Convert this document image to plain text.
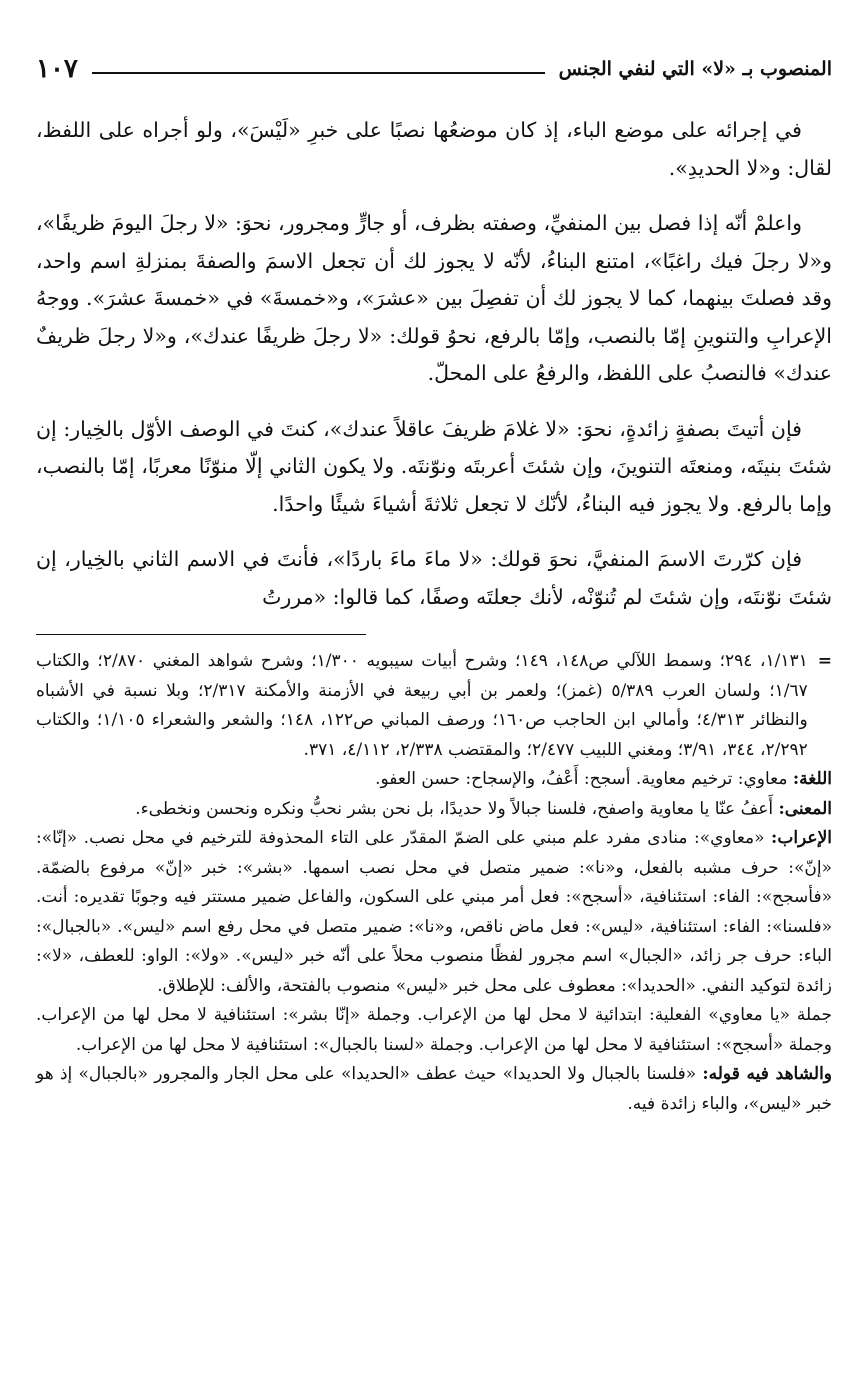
المنصوب بـ «لا» التي لنفي الجنس
١٠٧

في إجرائه على موضع الباء، إذ كان موضعُها نصبًا على خبرِ «لَيْسَ»، ولو أجراه على اللفظ، لقال: و«لا الحديدِ».

واعلمْ أنّه إذا فصل بين المنفيِّ، وصفته بظرف، أو جارٍّ ومجرور، نحوَ: «لا رجلَ اليومَ ظريفًا»، و«لا رجلَ فيك راغبًا»، امتنع البناءُ، لأنّه لا يجوز لك أن تجعل الاسمَ والصفةَ بمنزلةِ اسم واحد، وقد فصلتَ بينهما، كما لا يجوز لك أن تفصِلَ بين «عشرَ»، و«خمسةَ» في «خمسةَ عشرَ». ووجهُ الإعرابِ والتنوينِ إمّا بالنصب، وإمّا بالرفع، نحوُ قولك: «لا رجلَ ظريفًا عندك»، و«لا رجلَ ظريفٌ عندك» فالنصبُ على اللفظ، والرفعُ على المحلّ.

فإن أتيتَ بصفةٍ زائدةٍ، نحوَ: «لا غلامَ ظريفَ عاقلاً عندك»، كنتَ في الوصف الأوّل بالخِيار: إن شئتَ بنيتَه، ومنعتَه التنوينَ، وإن شئتَ أعربتَه ونوّنتَه. ولا يكون الثاني إلّا منوّنًا معربًا، إمّا بالنصب، وإما بالرفع. ولا يجوز فيه البناءُ، لأنّك لا تجعل ثلاثةَ أشياءَ شيئًا واحدًا.

فإن كرّرتَ الاسمَ المنفيَّ، نحوَ قولك: «لا ماءَ ماءَ باردًا»، فأنتَ في الاسم الثاني بالخِيار، إن شئتَ نوّنتَه، وإن شئتَ لم تُنوّنْه، لأنك جعلتَه وصفًا، كما قالوا: «مررتُ

=
١/١٣١، ٢٩٤؛ وسمط اللآلي ص١٤٨، ١٤٩؛ وشرح أبيات سيبويه ١/٣٠٠؛ وشرح شواهد المغني ٢/٨٧٠؛ والكتاب ١/٦٧؛ ولسان العرب ٥/٣٨٩ (غمز)؛ ولعمر بن أبي ربيعة في الأزمنة والأمكنة ٢/٣١٧؛ وبلا نسبة في الأشباه والنظائر ٤/٣١٣؛ وأمالي ابن الحاجب ص١٦٠؛ ورصف المباني ص١٢٢، ١٤٨؛ والشعر والشعراء ١/١٠٥؛ والكتاب ٢/٢٩٢، ٣٤٤، ٣/٩١؛ ومغني اللبيب ٢/٤٧٧؛ والمقتضب ٢/٣٣٨، ٤/١١٢، ٣٧١.

اللغة: معاوي: ترخيم معاوية. أسجح: أَعْفُ، والإسجاح: حسن العفو.

المعنى: أَعفُ عنّا يا معاوية واصفح، فلسنا جبالاً ولا حديدًا، بل نحن بشر نحبُّ ونكره ونحسن ونخطىء.

الإعراب: «معاوي»: منادى مفرد علم مبني على الضمّ المقدّر على التاء المحذوفة للترخيم في محل نصب. «إنّا»: «إنّ»: حرف مشبه بالفعل، و«نا»: ضمير متصل في محل نصب اسمها. «بشر»: خبر «إنّ» مرفوع بالضمّة. «فأسجح»: الفاء: استئنافية، «أسجح»: فعل أمر مبني على السكون، والفاعل ضمير مستتر فيه وجوبًا تقديره: أنت. «فلسنا»: الفاء: استئنافية، «ليس»: فعل ماض ناقص، و«نا»: ضمير متصل في محل رفع اسم «ليس». «بالجبال»: الباء: حرف جر زائد، «الجبال» اسم مجرور لفظًا منصوب محلاً على أنّه خبر «ليس». «ولا»: الواو: للعطف، «لا»: زائدة لتوكيد النفي. «الحديدا»: معطوف على محل خبر «ليس» منصوب بالفتحة، والألف: للإطلاق.

جملة «يا معاوي» الفعلية: ابتدائية لا محل لها من الإعراب. وجملة «إنّا بشر»: استئنافية لا محل لها من الإعراب. وجملة «أسجح»: استئنافية لا محل لها من الإعراب. وجملة «لسنا بالجبال»: استئنافية لا محل لها من الإعراب.

والشاهد فيه قوله: «فلسنا بالجبال ولا الحديدا» حيث عطف «الحديدا» على محل الجار والمجرور «بالجبال» إذ هو خبر «ليس»، والباء زائدة فيه.
